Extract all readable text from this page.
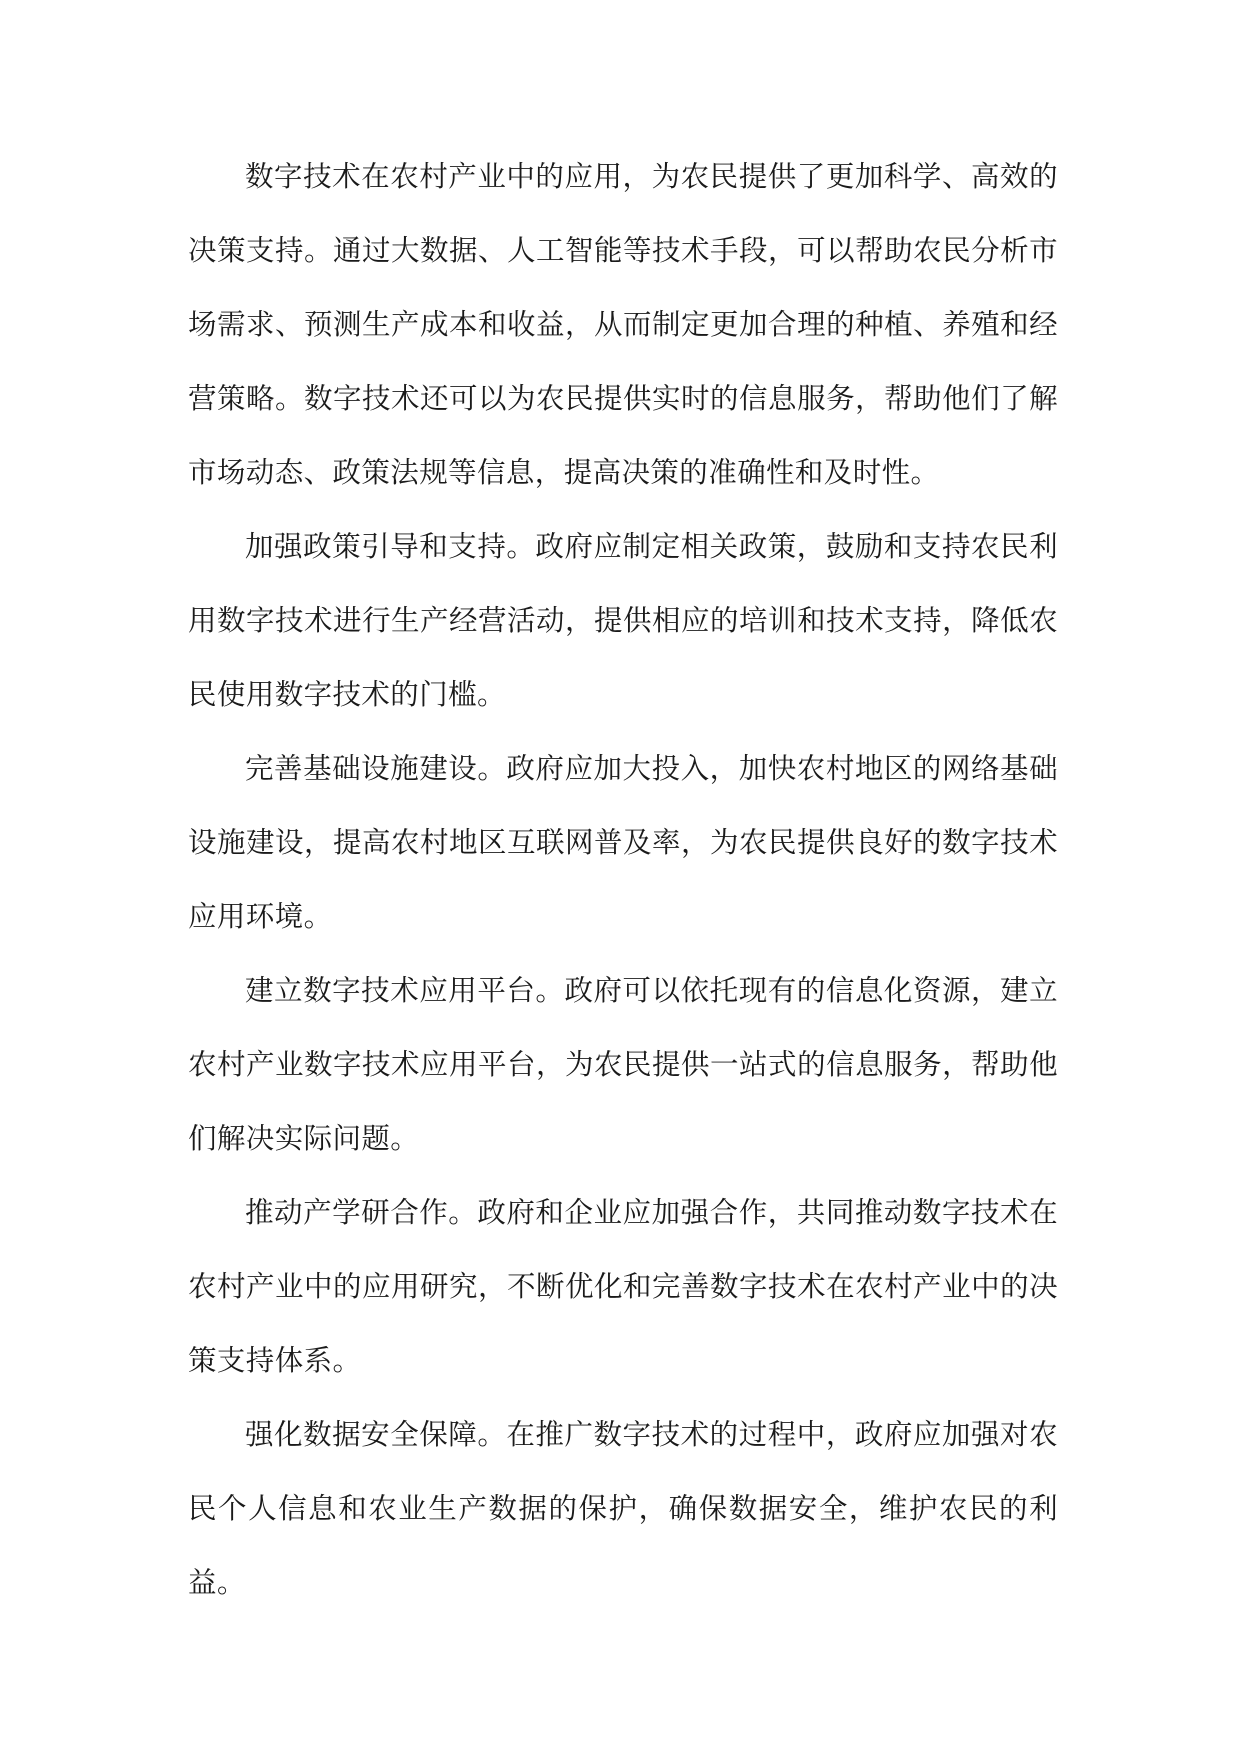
数字技术在农村产业中的应用，为农民提供了更加科学、高效的决策支持。通过大数据、人工智能等技术手段，可以帮助农民分析市场需求、预测生产成本和收益，从而制定更加合理的种植、养殖和经营策略。数字技术还可以为农民提供实时的信息服务，帮助他们了解市场动态、政策法规等信息，提高决策的准确性和及时性。

加强政策引导和支持。政府应制定相关政策，鼓励和支持农民利用数字技术进行生产经营活动，提供相应的培训和技术支持，降低农民使用数字技术的门槛。

完善基础设施建设。政府应加大投入，加快农村地区的网络基础设施建设，提高农村地区互联网普及率，为农民提供良好的数字技术应用环境。

建立数字技术应用平台。政府可以依托现有的信息化资源，建立农村产业数字技术应用平台，为农民提供一站式的信息服务，帮助他们解决实际问题。

推动产学研合作。政府和企业应加强合作，共同推动数字技术在农村产业中的应用研究，不断优化和完善数字技术在农村产业中的决策支持体系。

强化数据安全保障。在推广数字技术的过程中，政府应加强对农民个人信息和农业生产数据的保护，确保数据安全，维护农民的利益。
